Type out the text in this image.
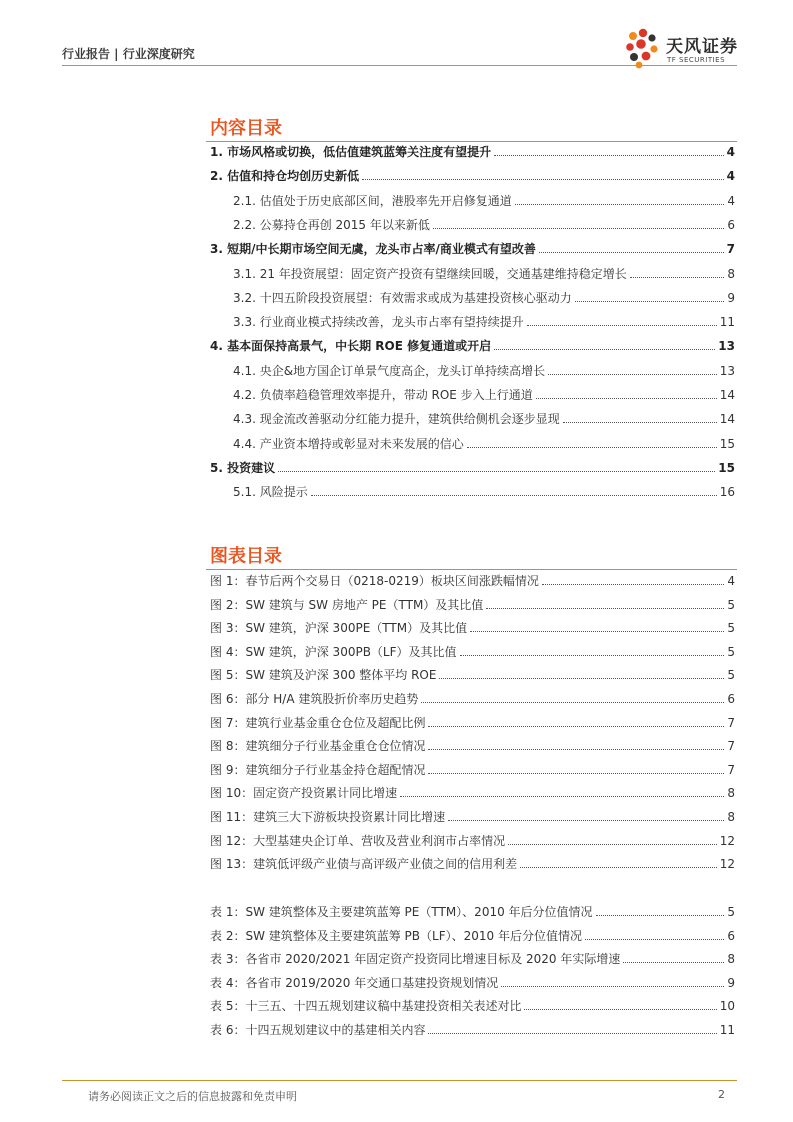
行业报告 | 行业深度研究	天风证券
TF SECURITIES
内容目录
1. 市场风格或切换，低估值建筑蓝筹关注度有望提升	4
2. 估值和持仓均创历史新低	4
2.1. 估值处于历史底部区间，港股率先开启修复通道	4
2.2. 公募持仓再创 2015 年以来新低	6
3. 短期/中长期市场空间无虞，龙头市占率/商业模式有望改善	7
3.1. 21 年投资展望：固定资产投资有望继续回暖，交通基建维持稳定增长	8
3.2. 十四五阶段投资展望：有效需求或成为基建投资核心驱动力	9
3.3. 行业商业模式持续改善，龙头市占率有望持续提升	11
4. 基本面保持高景气，中长期 ROE 修复通道或开启	13
4.1. 央企&地方国企订单景气度高企，龙头订单持续高增长	13
4.2. 负债率趋稳管理效率提升，带动 ROE 步入上行通道	14
4.3. 现金流改善驱动分红能力提升，建筑供给侧机会逐步显现	14
4.4. 产业资本增持或彰显对未来发展的信心	15
5. 投资建议	15
5.1. 风险提示	16
图表目录
图 1：春节后两个交易日（0218-0219）板块区间涨跌幅情况	4
图 2：SW 建筑与 SW 房地产 PE（TTM）及其比值	5
图 3：SW 建筑，沪深 300PE（TTM）及其比值	5
图 4：SW 建筑，沪深 300PB（LF）及其比值	5
图 5：SW 建筑及沪深 300 整体平均 ROE	5
图 6：部分 H/A 建筑股折价率历史趋势	6
图 7：建筑行业基金重仓仓位及超配比例	7
图 8：建筑细分子行业基金重仓仓位情况	7
图 9：建筑细分子行业基金持仓超配情况	7
图 10：固定资产投资累计同比增速	8
图 11：建筑三大下游板块投资累计同比增速	8
图 12：大型基建央企订单、营收及营业利润市占率情况	12
图 13：建筑低评级产业债与高评级产业债之间的信用利差	12
表 1：SW 建筑整体及主要建筑蓝筹 PE（TTM）、2010 年后分位值情况	5
表 2：SW 建筑整体及主要建筑蓝筹 PB（LF）、2010 年后分位值情况	6
表 3：各省市 2020/2021 年固定资产投资同比增速目标及 2020 年实际增速	8
表 4：各省市 2019/2020 年交通口基建投资规划情况	9
表 5：十三五、十四五规划建议稿中基建投资相关表述对比	10
表 6：十四五规划建议中的基建相关内容	11
请务必阅读正文之后的信息披露和免责申明	2
